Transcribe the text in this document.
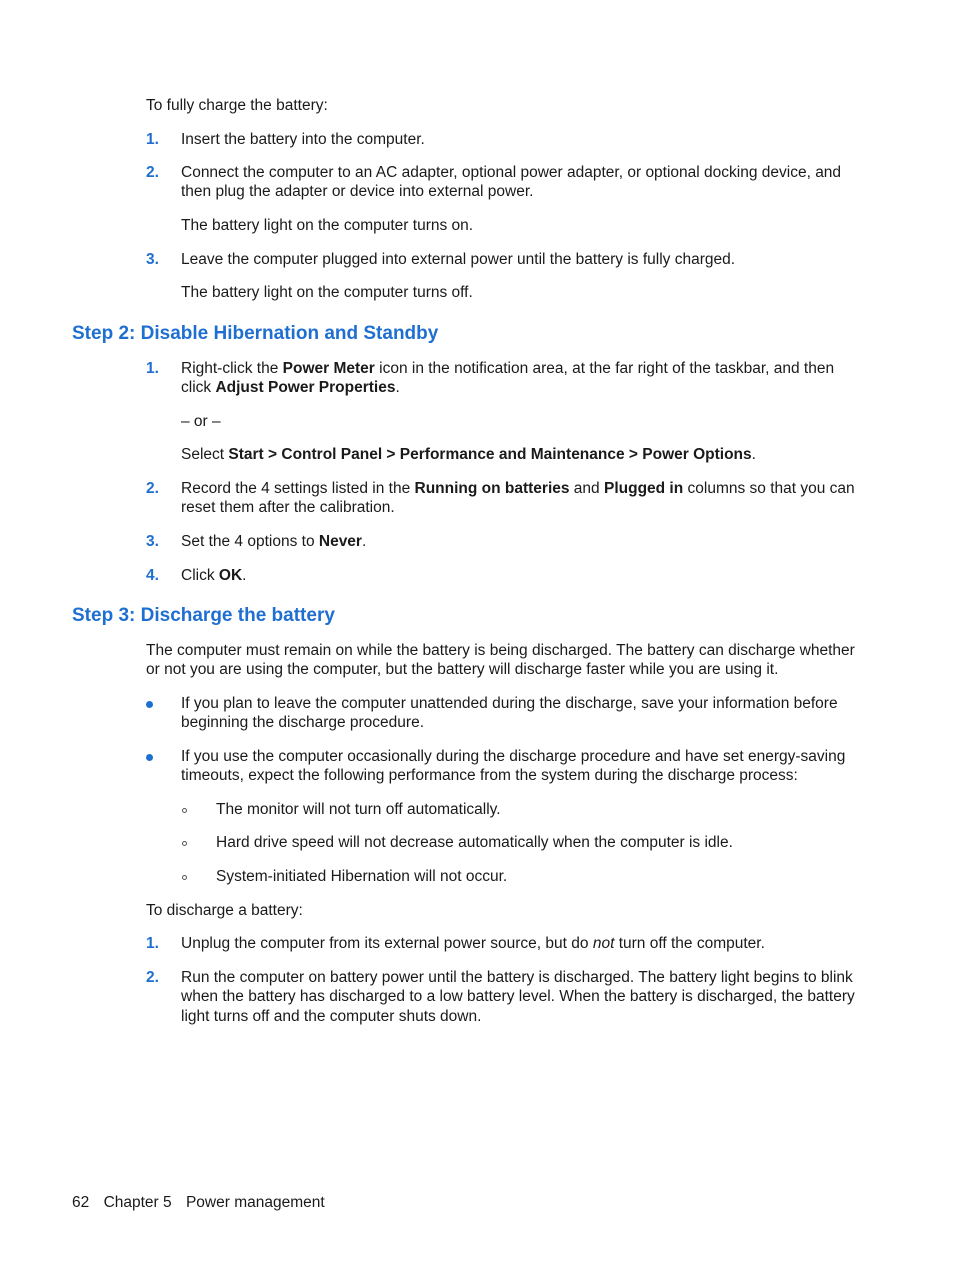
To fully charge the battery:
1. Insert the battery into the computer.
2. Connect the computer to an AC adapter, optional power adapter, or optional docking device, and
then plug the adapter or device into external power.
The battery light on the computer turns on.
3. Leave the computer plugged into external power until the battery is fully charged.
The battery light on the computer turns off.
Step 2: Disable Hibernation and Standby
1. Right-click the Power Meter icon in the notification area, at the far right of the taskbar, and then
click Adjust Power Properties.
– or –
Select Start > Control Panel > Performance and Maintenance > Power Options.
2. Record the 4 settings listed in the Running on batteries and Plugged in columns so that you can
reset them after the calibration.
3. Set the 4 options to Never.
4. Click OK.
Step 3: Discharge the battery
The computer must remain on while the battery is being discharged. The battery can discharge whether
or not you are using the computer, but the battery will discharge faster while you are using it.
If you plan to leave the computer unattended during the discharge, save your information before
beginning the discharge procedure.
If you use the computer occasionally during the discharge procedure and have set energy-saving
timeouts, expect the following performance from the system during the discharge process:
The monitor will not turn off automatically.
Hard drive speed will not decrease automatically when the computer is idle.
System-initiated Hibernation will not occur.
To discharge a battery:
1. Unplug the computer from its external power source, but do not turn off the computer.
2. Run the computer on battery power until the battery is discharged. The battery light begins to blink
when the battery has discharged to a low battery level. When the battery is discharged, the battery
light turns off and the computer shuts down.
62 Chapter 5 Power management
